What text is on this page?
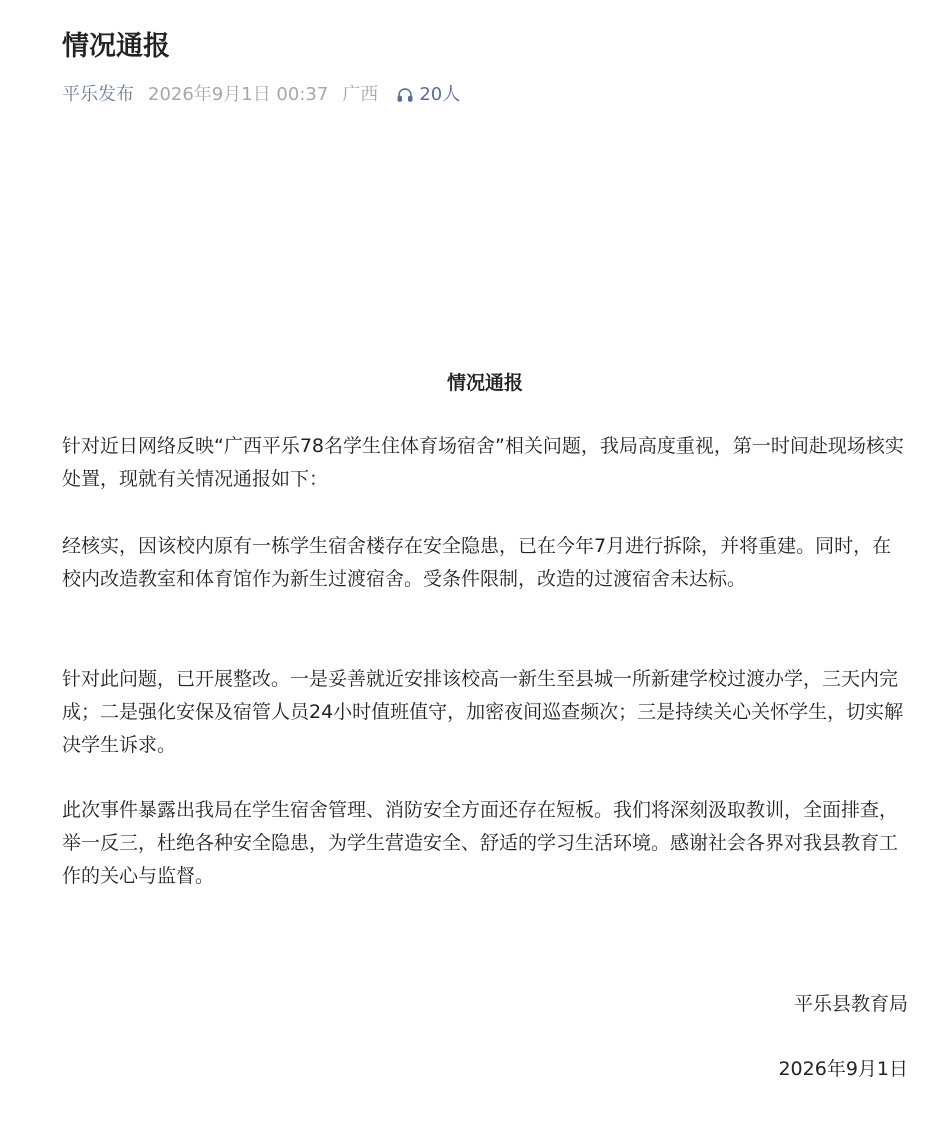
情况通报
平乐发布 2026年9月1日 00:37 广西 20人

情况通报

针对近日网络反映“广西平乐78名学生住体育场宿舍”相关问题，我局高度重视，第一时间赴现场核实处置，现就有关情况通报如下：

经核实，因该校内原有一栋学生宿舍楼存在安全隐患，已在今年7月进行拆除，并将重建。同时，在校内改造教室和体育馆作为新生过渡宿舍。受条件限制，改造的过渡宿舍未达标。

针对此问题，已开展整改。一是妥善就近安排该校高一新生至县城一所新建学校过渡办学，三天内完成；二是强化安保及宿管人员24小时值班值守，加密夜间巡查频次；三是持续关心关怀学生，切实解决学生诉求。

此次事件暴露出我局在学生宿舍管理、消防安全方面还存在短板。我们将深刻汲取教训，全面排查，举一反三，杜绝各种安全隐患，为学生营造安全、舒适的学习生活环境。感谢社会各界对我县教育工作的关心与监督。

平乐县教育局
2026年9月1日
